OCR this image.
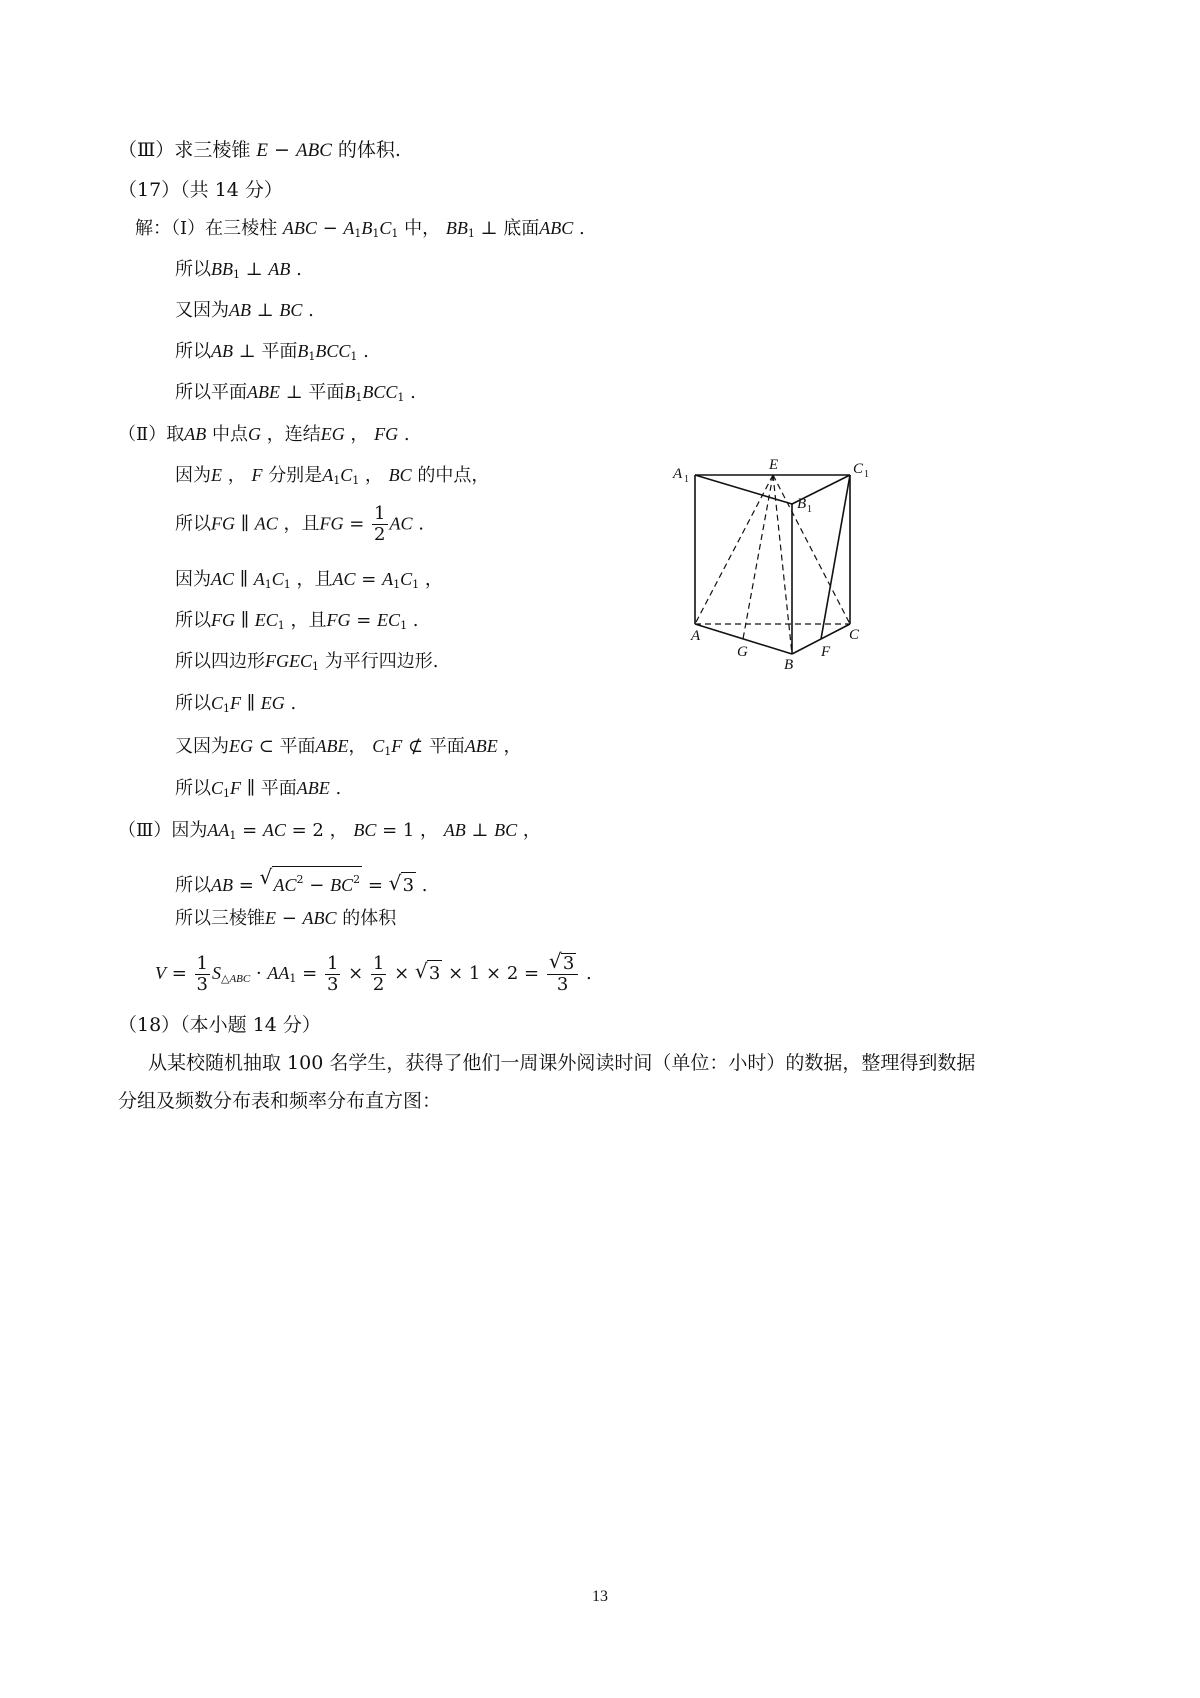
（Ⅲ）求三棱锥 E − ABC 的体积.
（17）（共 14 分）
解：（Ⅰ）在三棱柱 ABC − $A_1B_1C_1$ 中， $BB_1$ ⊥ 底面ABC .
所以$BB_1$ ⊥ AB .
又因为AB ⊥ BC .
所以AB ⊥ 平面$B_1BCC_1$ .
所以平面ABE ⊥ 平面$B_1BCC_1$ .
（Ⅱ）取AB 中点G ，连结EG ， FG .
因为E ， F 分别是$A_1C_1$ ， BC 的中点，
所以FG ∥ AC ，且FG = $\frac{1}{2}$ AC .
因为AC ∥ $A_1C_1$ ，且AC = $A_1C_1$ ，
所以FG ∥ $EC_1$ ，且FG = $EC_1$ .
所以四边形$FGEC_1$ 为平行四边形.
所以$C_1F$ ∥ EG .
又因为EG ⊂ 平面ABE， $C_1F$ ⊄ 平面ABE ，
所以$C_1F$ ∥ 平面ABE .
（Ⅲ）因为$AA_1$ = AC = 2 ， BC = 1 ， AB ⊥ BC ，
所以AB = √ $AC^2 - BC^2$ = √ 3 .
所以三棱锥E − ABC 的体积
$V = \frac{1}{3} S_{\triangle ABC} \cdot AA_1 = \frac{1}{3} \times \frac{1}{2}$ × √ 3 × 1 × 2 =
√ $\frac{3}{3}$ .
（18）（本小题 14 分）
从某校随机抽取 100 名学生，获得了他们一周课外阅读时间（单位：小时）的数据，整理得到数据
分组及频数分布表和频率分布直方图：
A 1
E	C 1
B 1
A	C
G
B
F
13
